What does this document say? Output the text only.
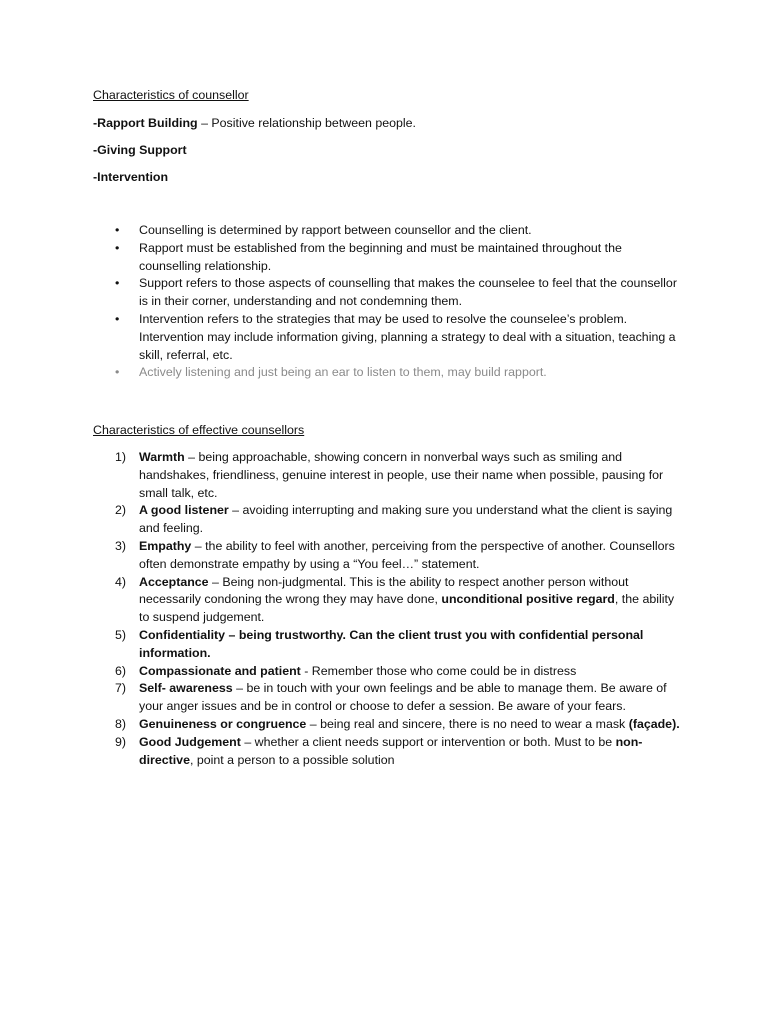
Characteristics of counsellor
-Rapport Building – Positive relationship between people.
-Giving Support
-Intervention
• Counselling is determined by rapport between counsellor and the client.
• Rapport must be established from the beginning and must be maintained throughout the counselling relationship.
• Support refers to those aspects of counselling that makes the counselee to feel that the counsellor is in their corner, understanding and not condemning them.
• Intervention refers to the strategies that may be used to resolve the counselee’s problem. Intervention may include information giving, planning a strategy to deal with a situation, teaching a skill, referral, etc.
• Actively listening and just being an ear to listen to them, may build rapport.
Characteristics of effective counsellors
1) Warmth – being approachable, showing concern in nonverbal ways such as smiling and handshakes, friendliness, genuine interest in people, use their name when possible, pausing for small talk, etc.
2) A good listener – avoiding interrupting and making sure you understand what the client is saying and feeling.
3) Empathy – the ability to feel with another, perceiving from the perspective of another. Counsellors often demonstrate empathy by using a “You feel…” statement.
4) Acceptance – Being non-judgmental. This is the ability to respect another person without necessarily condoning the wrong they may have done, unconditional positive regard, the ability to suspend judgement.
5) Confidentiality – being trustworthy. Can the client trust you with confidential personal information.
6) Compassionate and patient - Remember those who come could be in distress
7) Self- awareness – be in touch with your own feelings and be able to manage them. Be aware of your anger issues and be in control or choose to defer a session. Be aware of your fears.
8) Genuineness or congruence – being real and sincere, there is no need to wear a mask (façade).
9) Good Judgement – whether a client needs support or intervention or both. Must to be non-directive, point a person to a possible solution
